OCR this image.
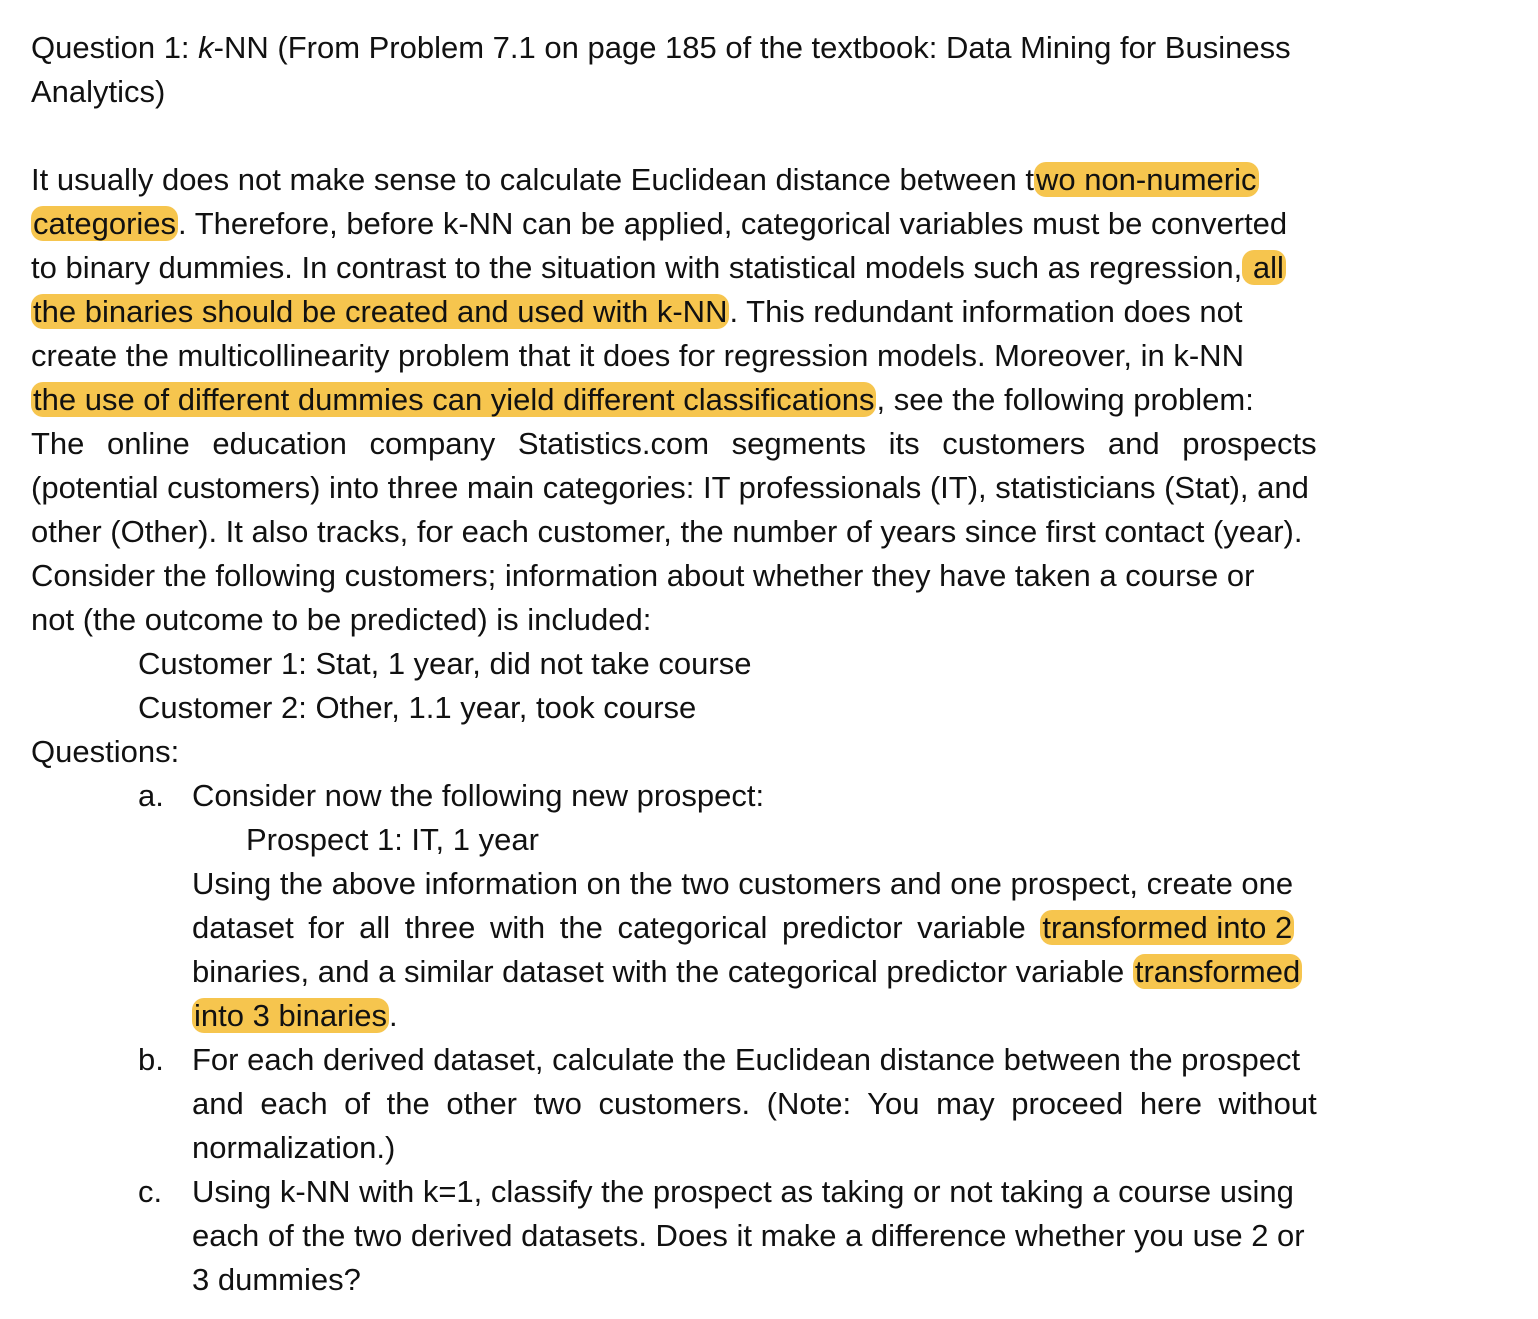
Question 1: k-NN (From Problem 7.1 on page 185 of the textbook: Data Mining for Business
Analytics)
It usually does not make sense to calculate Euclidean distance between two non-numeric
categories. Therefore, before k-NN can be applied, categorical variables must be converted
to binary dummies. In contrast to the situation with statistical models such as regression, all
the binaries should be created and used with k-NN. This redundant information does not
create the multicollinearity problem that it does for regression models. Moreover, in k-NN
the use of different dummies can yield different classifications, see the following problem:
The online education company Statistics.com segments its customers and prospects
(potential customers) into three main categories: IT professionals (IT), statisticians (Stat), and
other (Other). It also tracks, for each customer, the number of years since first contact (year).
Consider the following customers; information about whether they have taken a course or
not (the outcome to be predicted) is included:
Customer 1: Stat, 1 year, did not take course
Customer 2: Other, 1.1 year, took course
Questions:
a. Consider now the following new prospect:
Prospect 1: IT, 1 year
Using the above information on the two customers and one prospect, create one
dataset for all three with the categorical predictor variable transformed into 2
binaries, and a similar dataset with the categorical predictor variable transformed
into 3 binaries.
b. For each derived dataset, calculate the Euclidean distance between the prospect
and each of the other two customers. (Note: You may proceed here without
normalization.)
c. Using k-NN with k=1, classify the prospect as taking or not taking a course using
each of the two derived datasets. Does it make a difference whether you use 2 or
3 dummies?
